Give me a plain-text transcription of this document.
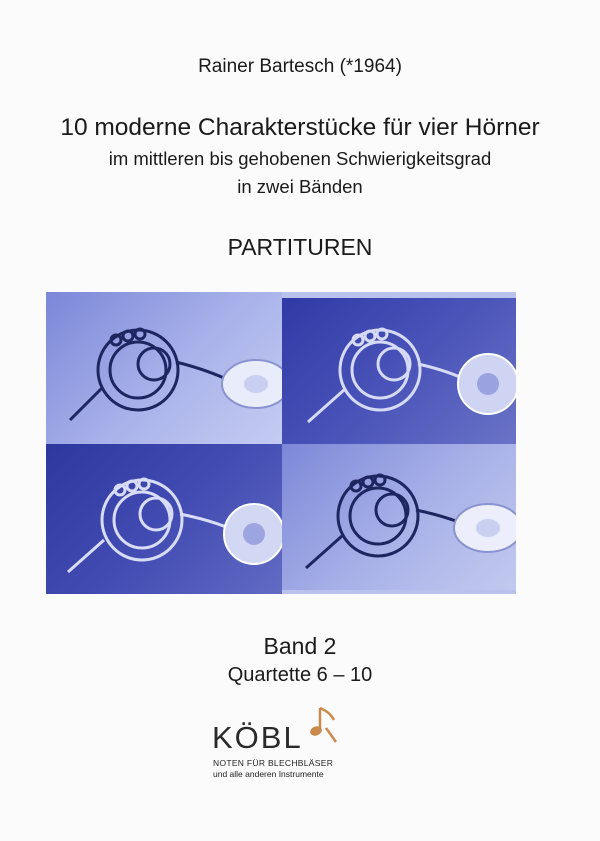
Rainer Bartesch (*1964)
10 moderne Charakterstücke für vier Hörner
im mittleren bis gehobenen Schwierigkeitsgrad
in zwei Bänden
PARTITUREN
Band 2
Quartette 6 – 10
KÖBL
NOTEN FÜR BLECHBLÄSER
und alle anderen Instrumente
